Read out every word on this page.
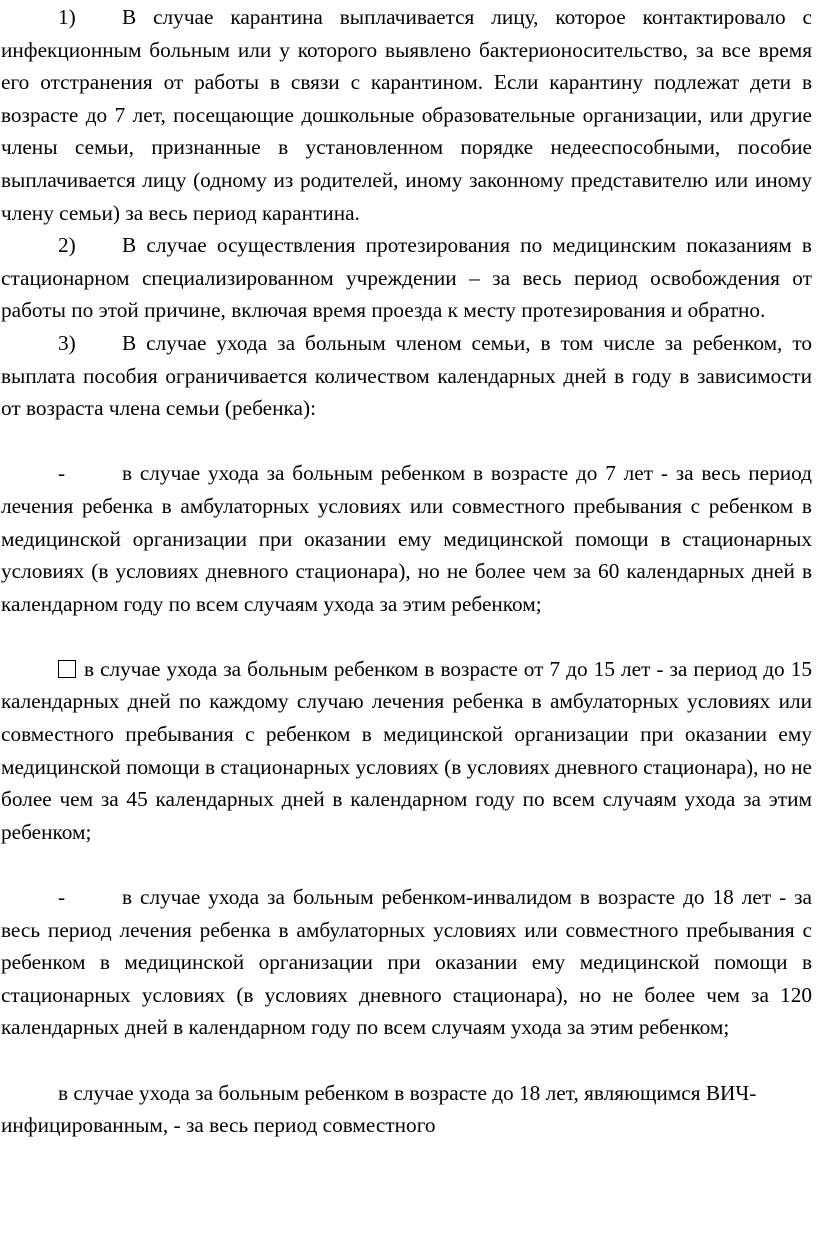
1) В случае карантина выплачивается лицу, которое контактировало с инфекционным больным или у которого выявлено бактерионосительство, за все время его отстранения от работы в связи с карантином. Если карантину подлежат дети в возрасте до 7 лет, посещающие дошкольные образовательные организации, или другие члены семьи, признанные в установленном порядке недееспособными, пособие выплачивается лицу (одному из родителей, иному законному представителю или иному члену семьи) за весь период карантина.

2) В случае осуществления протезирования по медицинским показаниям в стационарном специализированном учреждении – за весь период освобождения от работы по этой причине, включая время проезда к месту протезирования и обратно.

3) В случае ухода за больным членом семьи, в том числе за ребенком, то выплата пособия ограничивается количеством календарных дней в году в зависимости от возраста члена семьи (ребенка):

-	в случае ухода за больным ребенком в возрасте до 7 лет - за весь период лечения ребенка в амбулаторных условиях или совместного пребывания с ребенком в медицинской организации при оказании ему медицинской помощи в стационарных условиях (в условиях дневного стационара), но не более чем за 60 календарных дней в календарном году по всем случаям ухода за этим ребенком;

в случае ухода за больным ребенком в возрасте от 7 до 15 лет - за период до 15 календарных дней по каждому случаю лечения ребенка в амбулаторных условиях или совместного пребывания с ребенком в медицинской организации при оказании ему медицинской помощи в стационарных условиях (в условиях дневного стационара), но не более чем за 45 календарных дней в календарном году по всем случаям ухода за этим ребенком;

-	в случае ухода за больным ребенком-инвалидом в возрасте до 18 лет - за весь период лечения ребенка в амбулаторных условиях или совместного пребывания с ребенком в медицинской организации при оказании ему медицинской помощи в стационарных условиях (в условиях дневного стационара), но не более чем за 120 календарных дней в календарном году по всем случаям ухода за этим ребенком;

в случае ухода за больным ребенком в возрасте до 18 лет, являющимся ВИЧ-инфицированным, - за весь период совместного
